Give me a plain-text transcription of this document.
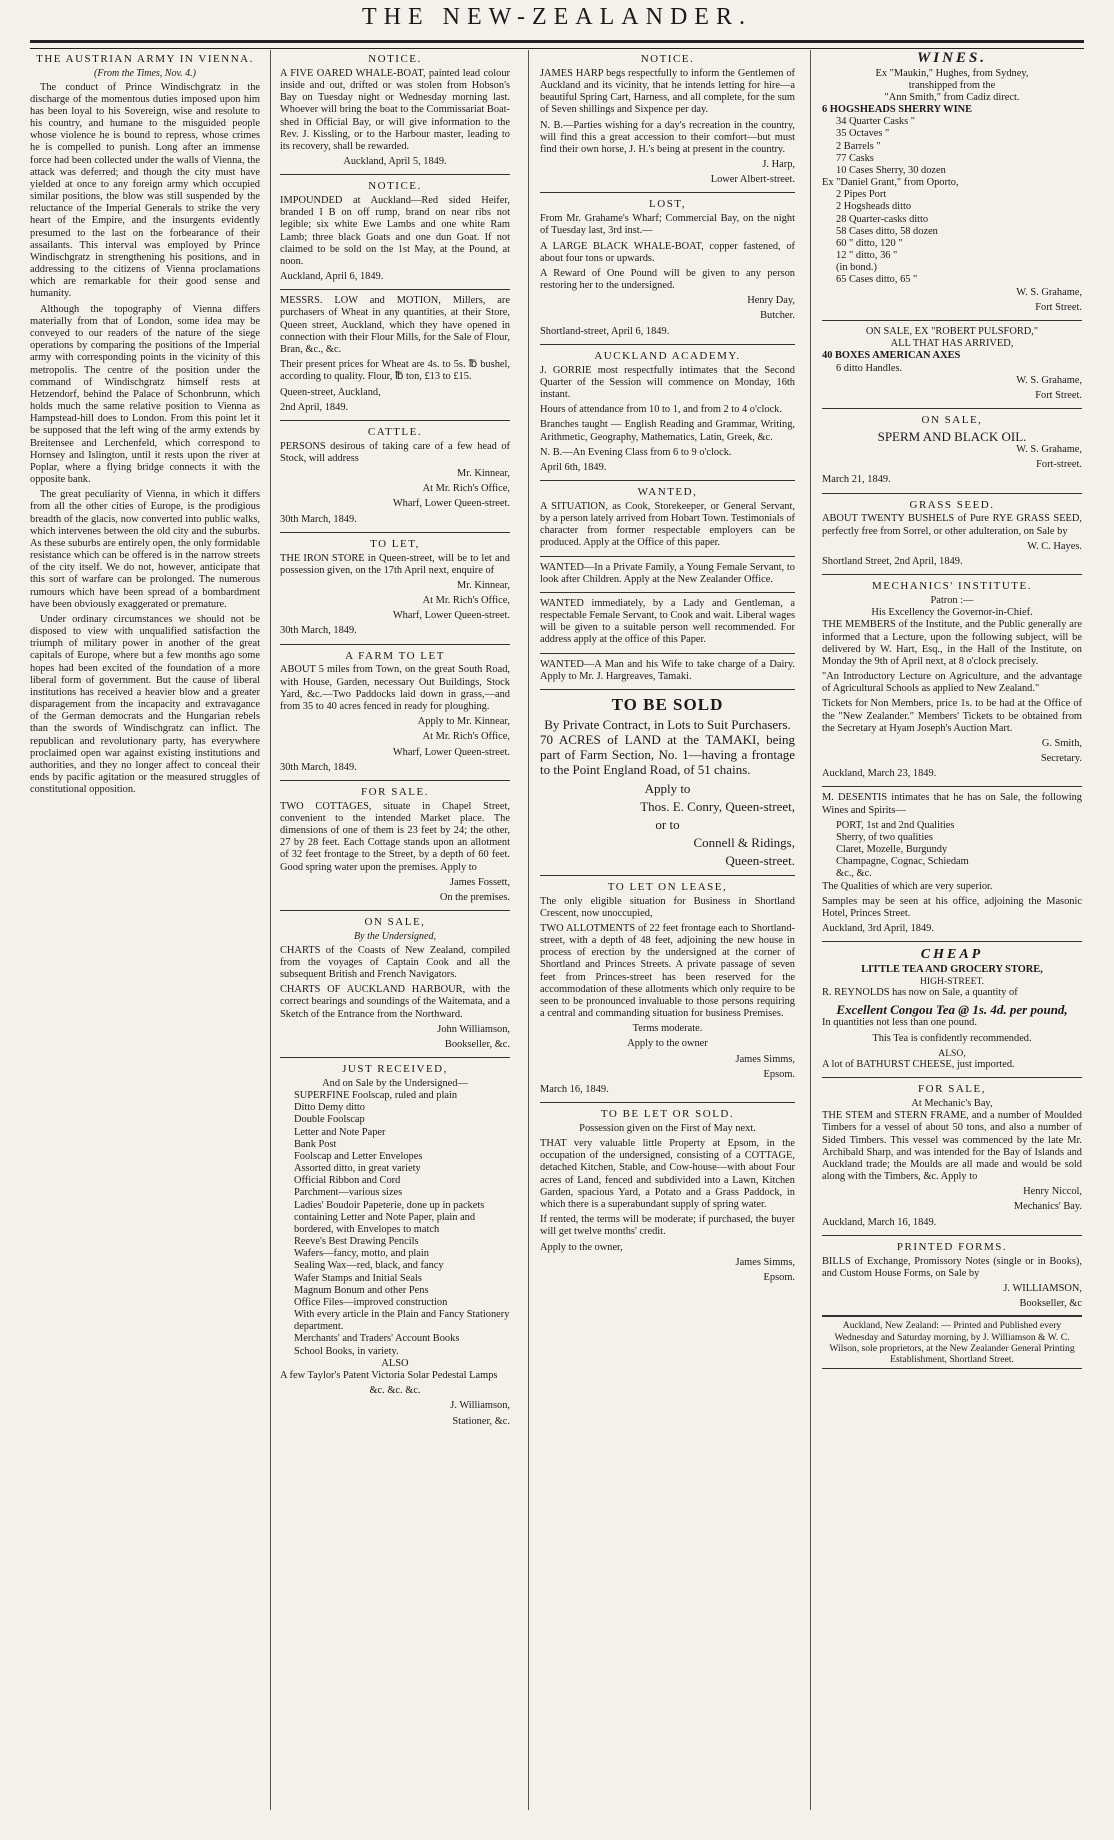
THE NEW-ZEALANDER.
THE AUSTRIAN ARMY IN VIENNA.
(From the Times, Nov. 4.)

The conduct of Prince Windischgratz in the discharge of the momentous duties imposed upon him has been loyal to his Sovereign, wise and resolute to his country, and humane to the misguided people whose violence he is bound to repress, whose crimes he is compelled to punish. Long after an immense force had been collected under the walls of Vienna, the attack was deferred; and though the city must have yielded at once to any foreign army which occupied similar positions, the blow was still suspended by the reluctance of the Imperial Generals to strike the very heart of the Empire, and the insurgents evidently presumed to the last on the forbearance of their assailants. This interval was employed by Prince Windischgratz in strengthening his positions, and in addressing to the citizens of Vienna proclamations which are remarkable for their good sense and humanity.

Although the topography of Vienna differs materially from that of London, some idea may be conveyed to our readers of the nature of the siege operations by comparing the positions of the Imperial army with corresponding points in the vicinity of this metropolis. The centre of the position under the command of Windischgratz himself rests at Hetzendorf, behind the Palace of Schonbrunn, which holds much the same relative position to Vienna as Hampstead-hill does to London. From this point let it be supposed that the left wing of the army extends by Breitensee and Lerchenfeld, which correspond to Hornsey and Islington, until it rests upon the river at Poplar, where a flying bridge connects it with the opposite bank.

The great peculiarity of Vienna, in which it differs from all the other cities of Europe, is the prodigious breadth of the glacis, now converted into public walks, which intervenes between the old city and the suburbs. As these suburbs are entirely open, the only formidable resistance which can be offered is in the narrow streets of the city itself. We do not, however, anticipate that this sort of warfare can be prolonged. The numerous rumours which have been spread of a bombardment have been obviously exaggerated or premature.

Under ordinary circumstances we should not be disposed to view with unqualified satisfaction the triumph of military power in another of the great capitals of Europe, where but a few months ago some hopes had been excited of the foundation of a more liberal form of government. But the cause of liberal institutions has received a heavier blow and a greater disparagement from the incapacity and extravagance of the German democrats and the Hungarian rebels than the swords of Windischgratz can inflict. The republican and revolutionary party, has everywhere proclaimed open war against existing institutions and authorities, and they no longer affect to conceal their ends by pacific agitation or the measured struggles of constitutional opposition.

NOTICE.

A FIVE OARED WHALE-BOAT, painted lead colour inside and out, drifted or was stolen from Hobson's Bay on Tuesday night or Wednesday morning last. Whoever will bring the boat to the Commissariat Boat-shed in Official Bay, or will give information to the Rev. J. Kissling, or to the Harbour master, leading to its recovery, shall be rewarded.

Auckland, April 5, 1849.

NOTICE.

IMPOUNDED at Auckland—Red sided Heifer, branded I B on off rump, brand on near ribs not legible; six white Ewe Lambs and one white Ram Lamb; three black Goats and one dun Goat. If not claimed to be sold on the 1st May, at the Pound, at noon.

Auckland, April 6, 1849.

MESSRS. LOW and MOTION, Millers, are purchasers of Wheat in any quantities, at their Store, Queen street, Auckland, which they have opened in connection with their Flour Mills, for the Sale of Flour, Bran, &c., &c.

Their present prices for Wheat are 4s. to 5s. ℔ bushel, according to quality. Flour, ℔ ton, £13 to £15.

Queen-street, Auckland,

2nd April, 1849.

CATTLE.

PERSONS desirous of taking care of a few head of Stock, will address

Mr. Kinnear,

At Mr. Rich's Office,

Wharf, Lower Queen-street.

30th March, 1849.

TO LET,

THE IRON STORE in Queen-street, will be to let and possession given, on the 17th April next, enquire of

Mr. Kinnear,

At Mr. Rich's Office,

Wharf, Lower Queen-street.

30th March, 1849.

A FARM TO LET

ABOUT 5 miles from Town, on the great South Road, with House, Garden, necessary Out Buildings, Stock Yard, &c.—Two Paddocks laid down in grass,—and from 35 to 40 acres fenced in ready for ploughing.

Apply to Mr. Kinnear,

At Mr. Rich's Office,

Wharf, Lower Queen-street.

30th March, 1849.

FOR SALE.

TWO COTTAGES, situate in Chapel Street, convenient to the intended Market place. The dimensions of one of them is 23 feet by 24; the other, 27 by 28 feet. Each Cottage stands upon an allotment of 32 feet frontage to the Street, by a depth of 60 feet. Good spring water upon the premises. Apply to

James Fossett,

On the premises.

ON SALE,
By the Undersigned,

CHARTS of the Coasts of New Zealand, compiled from the voyages of Captain Cook and all the subsequent British and French Navigators.

CHARTS OF AUCKLAND HARBOUR, with the correct bearings and soundings of the Waitemata, and a Sketch of the Entrance from the Northward.

John Williamson,

Bookseller, &c.

JUST RECEIVED,
And on Sale by the Undersigned—
SUPERFINE Foolscap, ruled and plain
Ditto Demy ditto
Double Foolscap
Letter and Note Paper
Bank Post
Foolscap and Letter Envelopes
Assorted ditto, in great variety
Official Ribbon and Cord
Parchment—various sizes
Ladies' Boudoir Papeterie, done up in packets containing Letter and Note Paper, plain and bordered, with Envelopes to match
Reeve's Best Drawing Pencils
Wafers—fancy, motto, and plain
Sealing Wax—red, black, and fancy
Wafer Stamps and Initial Seals
Magnum Bonum and other Pens
Office Files—improved construction
With every article in the Plain and Fancy Stationery department.
Merchants' and Traders' Account Books
School Books, in variety.
ALSO

A few Taylor's Patent Victoria Solar Pedestal Lamps

&c. &c. &c.

J. Williamson,

Stationer, &c.

NOTICE.

JAMES HARP begs respectfully to inform the Gentlemen of Auckland and its vicinity, that he intends letting for hire—a beautiful Spring Cart, Harness, and all complete, for the sum of Seven shillings and Sixpence per day.

N. B.—Parties wishing for a day's recreation in the country, will find this a great accession to their comfort—but must find their own horse, J. H.'s being at present in the country.

J. Harp,

Lower Albert-street.

LOST,

From Mr. Grahame's Wharf; Commercial Bay, on the night of Tuesday last, 3rd inst.—

A LARGE BLACK WHALE-BOAT, copper fastened, of about four tons or upwards.

A Reward of One Pound will be given to any person restoring her to the undersigned.

Henry Day,

Butcher.

Shortland-street, April 6, 1849.

AUCKLAND ACADEMY.

J. GORRIE most respectfully intimates that the Second Quarter of the Session will commence on Monday, 16th instant.

Hours of attendance from 10 to 1, and from 2 to 4 o'clock.

Branches taught — English Reading and Grammar, Writing, Arithmetic, Geography, Mathematics, Latin, Greek, &c.

N. B.—An Evening Class from 6 to 9 o'clock.

April 6th, 1849.

WANTED,

A SITUATION, as Cook, Storekeeper, or General Servant, by a person lately arrived from Hobart Town. Testimonials of character from former respectable employers can be produced. Apply at the Office of this paper.

WANTED—In a Private Family, a Young Female Servant, to look after Children. Apply at the New Zealander Office.

WANTED immediately, by a Lady and Gentleman, a respectable Female Servant, to Cook and wait. Liberal wages will be given to a suitable person well recommended. For address apply at the office of this Paper.

WANTED—A Man and his Wife to take charge of a Dairy. Apply to Mr. J. Hargreaves, Tamaki.

TO BE SOLD
By Private Contract, in Lots to Suit Purchasers.

70 ACRES of LAND at the TAMAKI, being part of Farm Section, No. 1—having a frontage to the Point England Road, of 51 chains.

Apply to

Thos. E. Conry, Queen-street,

or to

Connell & Ridings,

Queen-street.

TO LET ON LEASE,

The only eligible situation for Business in Shortland Crescent, now unoccupied,

TWO ALLOTMENTS of 22 feet frontage each to Shortland-street, with a depth of 48 feet, adjoining the new house in process of erection by the undersigned at the corner of Shortland and Princes Streets. A private passage of seven feet from Princes-street has been reserved for the accommodation of these allotments which only require to be seen to be pronounced invaluable to those persons requiring a central and commanding situation for business Premises.

Terms moderate.

Apply to the owner

James Simms,

Epsom.

March 16, 1849.

TO BE LET OR SOLD.

Possession given on the First of May next.

THAT very valuable little Property at Epsom, in the occupation of the undersigned, consisting of a COTTAGE, detached Kitchen, Stable, and Cow-house—with about Four acres of Land, fenced and subdivided into a Lawn, Kitchen Garden, spacious Yard, a Potato and a Grass Paddock, in which there is a superabundant supply of spring water.

If rented, the terms will be moderate; if purchased, the buyer will get twelve months' credit.

Apply to the owner,

James Simms,

Epsom.

WINES.
Ex "Maukin," Hughes, from Sydney,
transhipped from the
"Ann Smith," from Cadiz direct.
6 HOGSHEADS SHERRY WINE
34 Quarter Casks "
35 Octaves "
2 Barrels "
77 Casks
10 Cases Sherry, 30 dozen
Ex "Daniel Grant," from Oporto,
2 Pipes Port
2 Hogsheads ditto
28 Quarter-casks ditto
58 Cases ditto, 58 dozen
60 " ditto, 120 "
12 " ditto, 36 "
(in bond.)
65 Cases ditto, 65 "

W. S. Grahame,

Fort Street.

ON SALE, EX "ROBERT PULSFORD,"
ALL THAT HAS ARRIVED,
40 BOXES AMERICAN AXES
6 ditto Handles.

W. S. Grahame,

Fort Street.

ON SALE,
SPERM AND BLACK OIL.

W. S. Grahame,

Fort-street.

March 21, 1849.

GRASS SEED.

ABOUT TWENTY BUSHELS of Pure RYE GRASS SEED, perfectly free from Sorrel, or other adulteration, on Sale by

W. C. Hayes.

Shortland Street, 2nd April, 1849.

MECHANICS' INSTITUTE.
Patron :—
His Excellency the Governor-in-Chief.

THE MEMBERS of the Institute, and the Public generally are informed that a Lecture, upon the following subject, will be delivered by W. Hart, Esq., in the Hall of the Institute, on Monday the 9th of April next, at 8 o'clock precisely.

"An Introductory Lecture on Agriculture, and the advantage of Agricultural Schools as applied to New Zealand."

Tickets for Non Members, price 1s. to be had at the Office of the "New Zealander." Members' Tickets to be obtained from the Secretary at Hyam Joseph's Auction Mart.

G. Smith,

Secretary.

Auckland, March 23, 1849.

M. DESENTIS intimates that he has on Sale, the following Wines and Spirits—

PORT, 1st and 2nd Qualities
Sherry, of two qualities
Claret, Mozelle, Burgundy
Champagne, Cognac, Schiedam
&c., &c.

The Qualities of which are very superior.

Samples may be seen at his office, adjoining the Masonic Hotel, Princes Street.

Auckland, 3rd April, 1849.

CHEAP
LITTLE TEA AND GROCERY STORE,
HIGH-STREET.

R. REYNOLDS has now on Sale, a quantity of

Excellent Congou Tea @ 1s. 4d. per pound,

In quantities not less than one pound.

This Tea is confidently recommended.

ALSO,

A lot of BATHURST CHEESE, just imported.

FOR SALE,
At Mechanic's Bay,

THE STEM and STERN FRAME, and a number of Moulded Timbers for a vessel of about 50 tons, and also a number of Sided Timbers. This vessel was commenced by the late Mr. Archibald Sharp, and was intended for the Bay of Islands and Auckland trade; the Moulds are all made and would be sold along with the Timbers, &c. Apply to

Henry Niccol,

Mechanics' Bay.

Auckland, March 16, 1849.

PRINTED FORMS.

BILLS of Exchange, Promissory Notes (single or in Books), and Custom House Forms, on Sale by

J. WILLIAMSON,

Bookseller, &c

Auckland, New Zealand: — Printed and Published every Wednesday and Saturday morning, by J. Williamson & W. C. Wilson, sole proprietors, at the New Zealander General Printing Establishment, Shortland Street.
